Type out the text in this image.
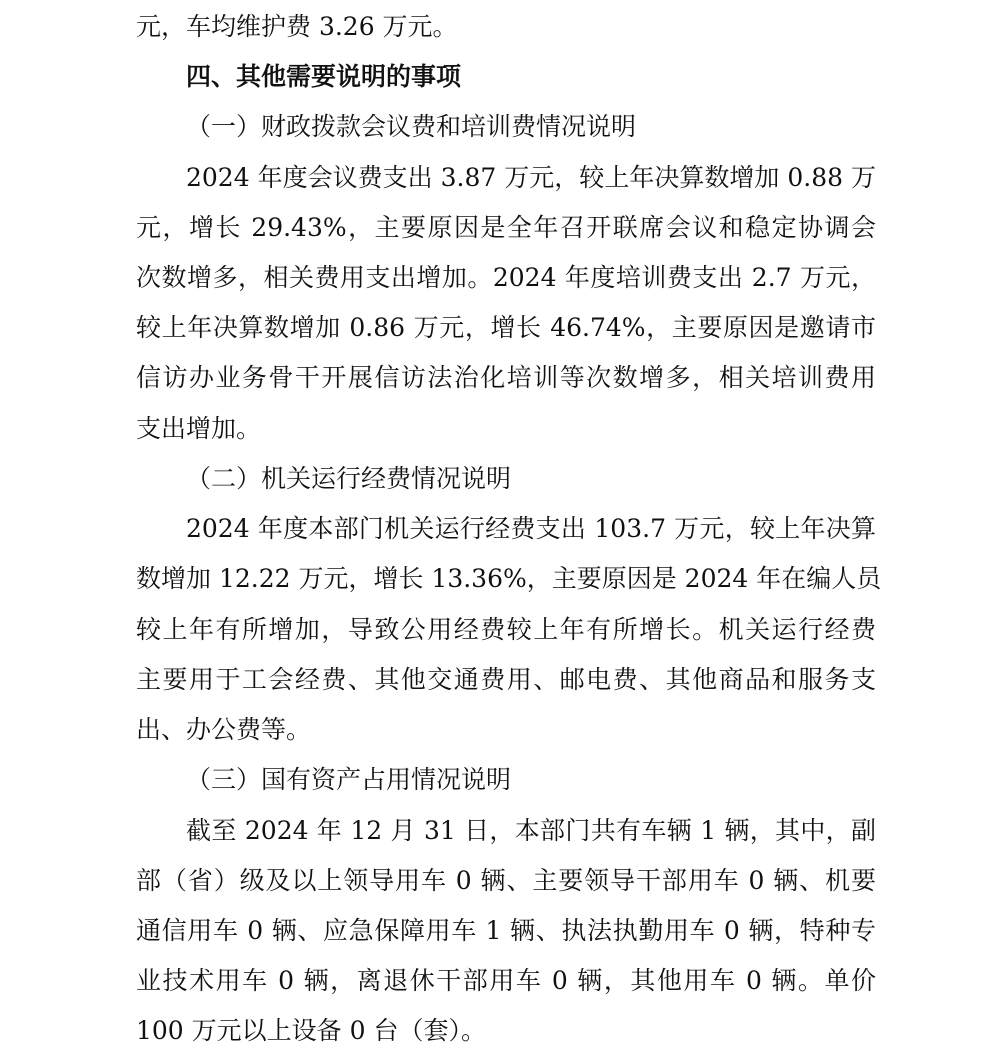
元，车均维护费 3.26 万元。
四、其他需要说明的事项
（一）财政拨款会议费和培训费情况说明
2024 年度会议费支出 3.87 万元，较上年决算数增加 0.88 万
元，增长 29.43%，主要原因是全年召开联席会议和稳定协调会
次数增多，相关费用支出增加。2024 年度培训费支出 2.7 万元，
较上年决算数增加 0.86 万元，增长 46.74%，主要原因是邀请市
信访办业务骨干开展信访法治化培训等次数增多，相关培训费用
支出增加。
（二）机关运行经费情况说明
2024 年度本部门机关运行经费支出 103.7 万元，较上年决算
数增加 12.22 万元，增长 13.36%，主要原因是 2024 年在编人员
较上年有所增加，导致公用经费较上年有所增长。机关运行经费
主要用于工会经费、其他交通费用、邮电费、其他商品和服务支
出、办公费等。
（三）国有资产占用情况说明
截至 2024 年 12 月 31 日，本部门共有车辆 1 辆，其中，副
部（省）级及以上领导用车 0 辆、主要领导干部用车 0 辆、机要
通信用车 0 辆、应急保障用车 1 辆、执法执勤用车 0 辆，特种专
业技术用车 0 辆，离退休干部用车 0 辆，其他用车 0 辆。单价
100 万元以上设备 0 台（套）。
